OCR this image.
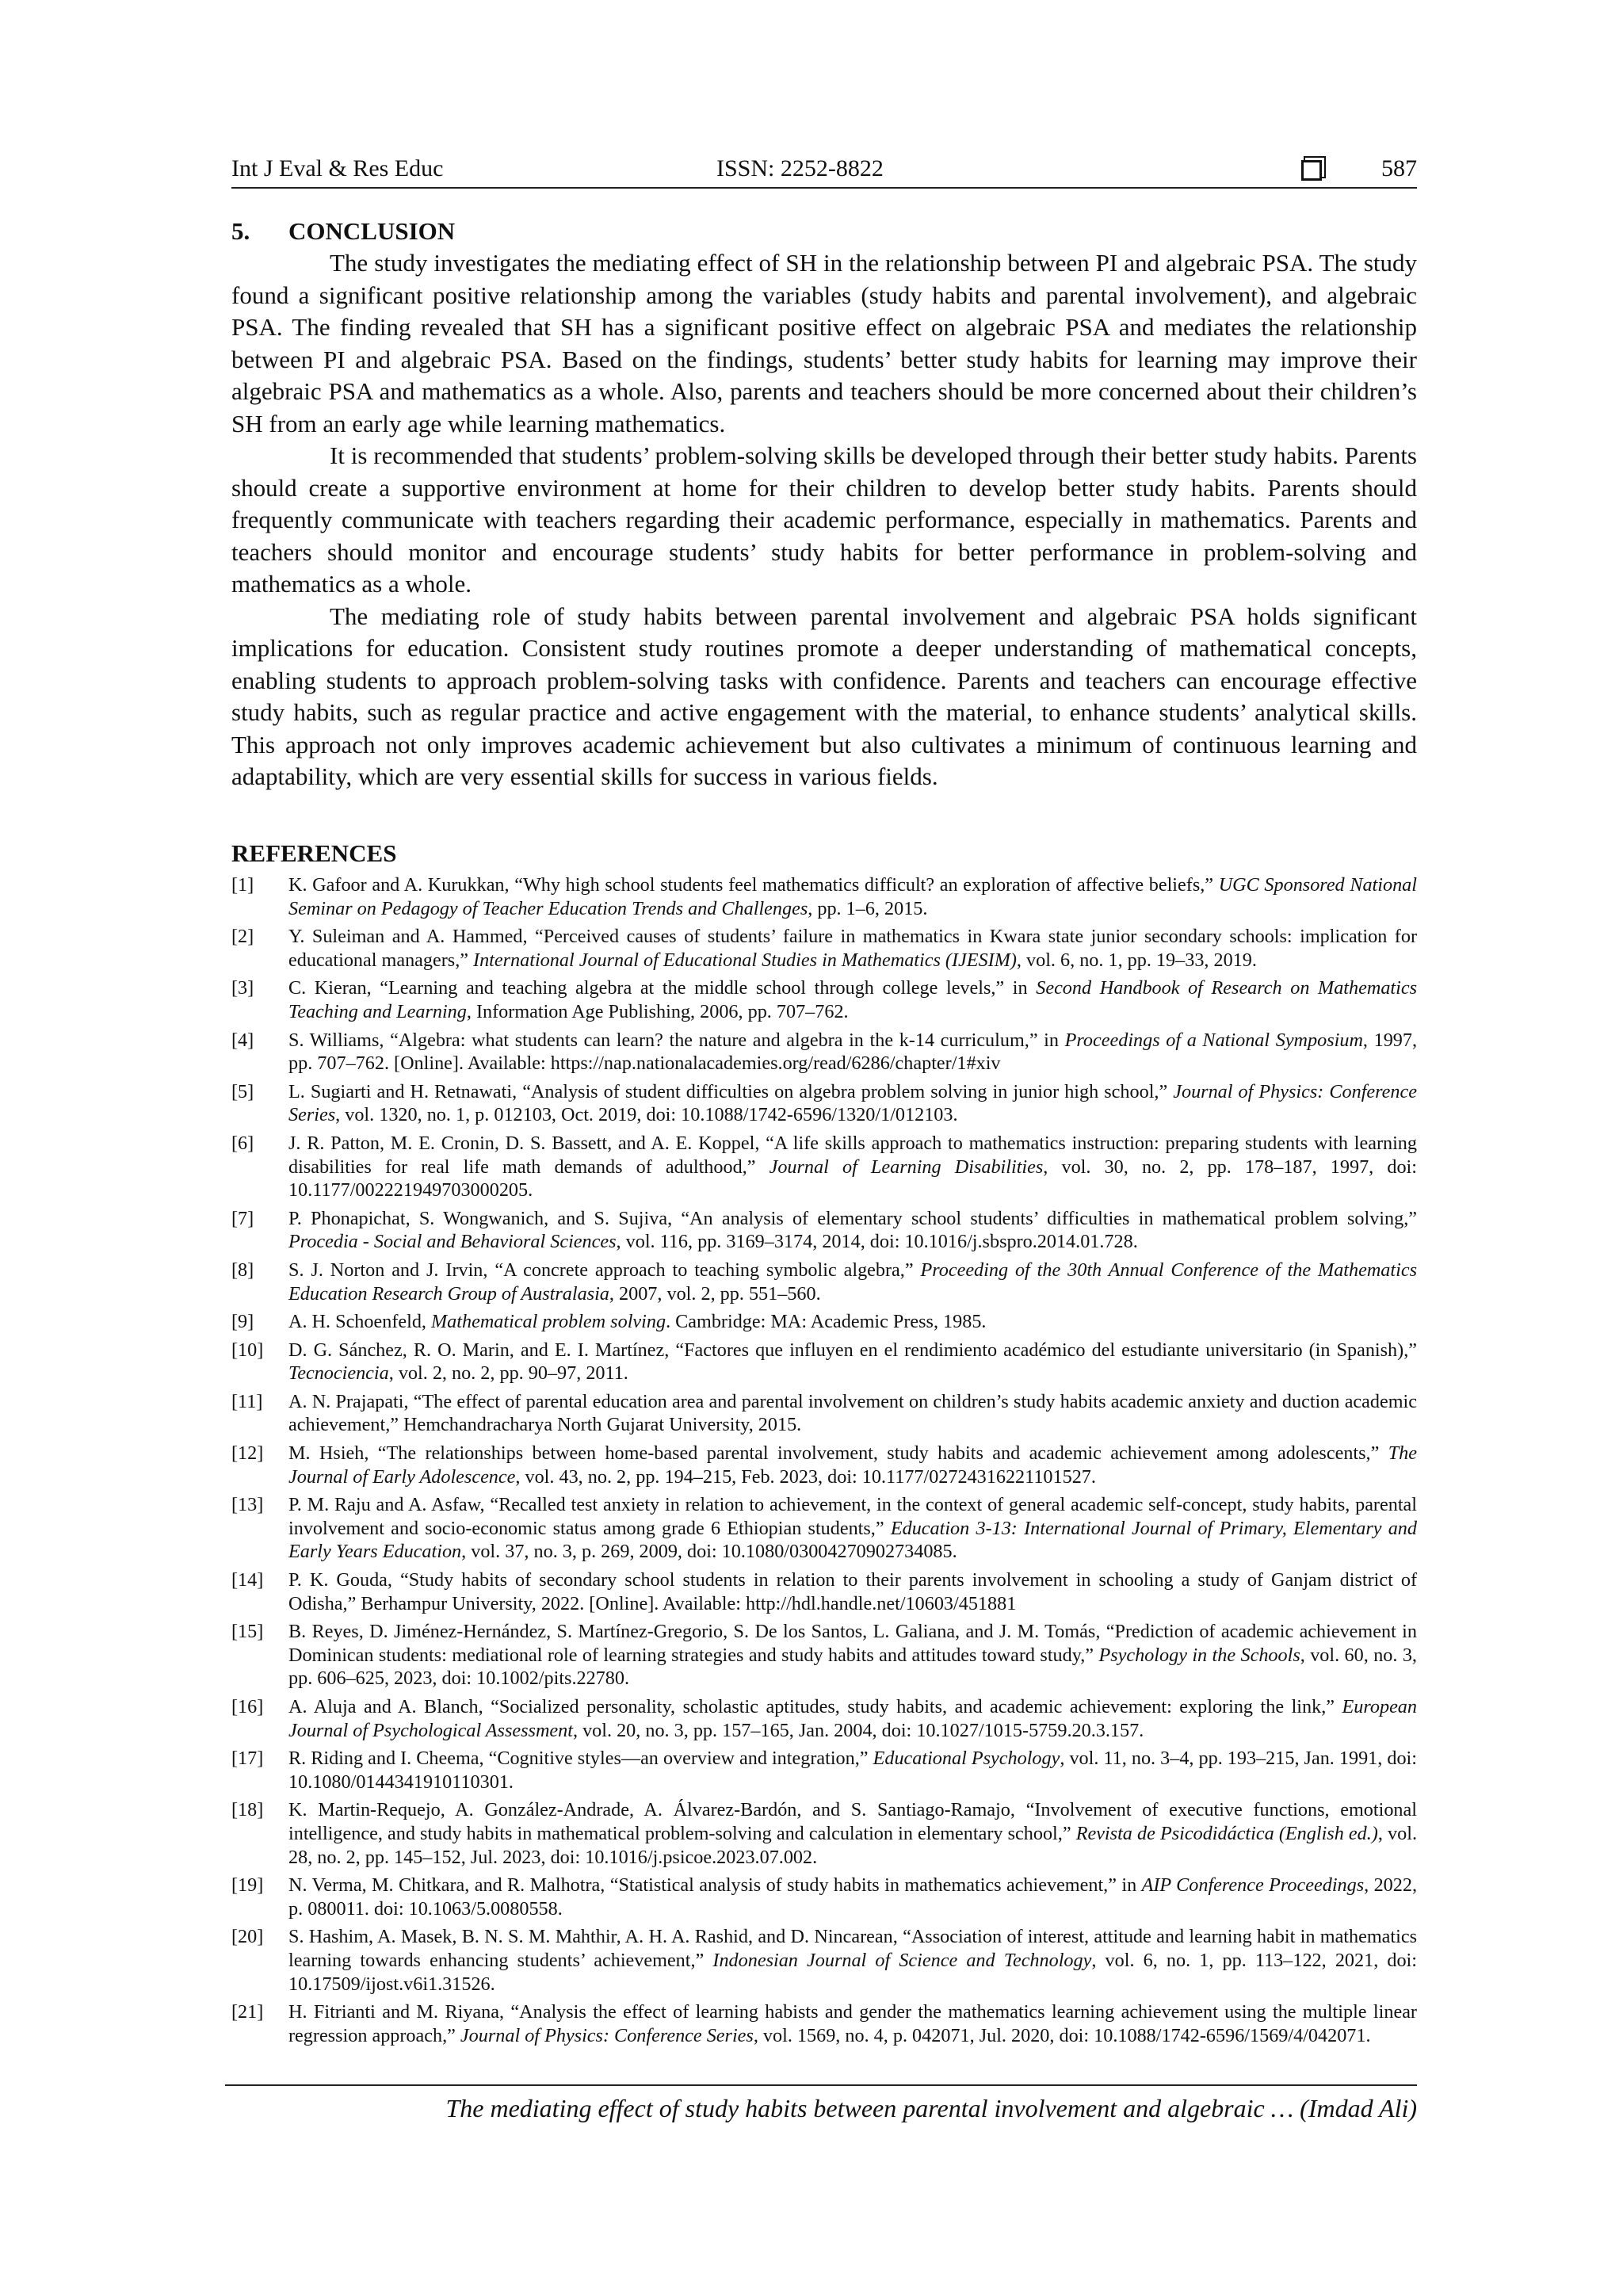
Int J Eval & Res Educ	ISSN: 2252-8822	587
5. CONCLUSION

The study investigates the mediating effect of SH in the relationship between PI and algebraic PSA. The study found a significant positive relationship among the variables (study habits and parental involvement), and algebraic PSA. The finding revealed that SH has a significant positive effect on algebraic PSA and mediates the relationship between PI and algebraic PSA. Based on the findings, students’ better study habits for learning may improve their algebraic PSA and mathematics as a whole. Also, parents and teachers should be more concerned about their children’s SH from an early age while learning mathematics.

It is recommended that students’ problem-solving skills be developed through their better study habits. Parents should create a supportive environment at home for their children to develop better study habits. Parents should frequently communicate with teachers regarding their academic performance, especially in mathematics. Parents and teachers should monitor and encourage students’ study habits for better performance in problem-solving and mathematics as a whole.

The mediating role of study habits between parental involvement and algebraic PSA holds significant implications for education. Consistent study routines promote a deeper understanding of mathematical concepts, enabling students to approach problem-solving tasks with confidence. Parents and teachers can encourage effective study habits, such as regular practice and active engagement with the material, to enhance students’ analytical skills. This approach not only improves academic achievement but also cultivates a minimum of continuous learning and adaptability, which are very essential skills for success in various fields.

REFERENCES

[1] K. Gafoor and A. Kurukkan, “Why high school students feel mathematics difficult? an exploration of affective beliefs,” UGC Sponsored National Seminar on Pedagogy of Teacher Education Trends and Challenges, pp. 1–6, 2015.

[2] Y. Suleiman and A. Hammed, “Perceived causes of students’ failure in mathematics in Kwara state junior secondary schools: implication for educational managers,” International Journal of Educational Studies in Mathematics (IJESIM), vol. 6, no. 1, pp. 19–33, 2019.

[3] C. Kieran, “Learning and teaching algebra at the middle school through college levels,” in Second Handbook of Research on Mathematics Teaching and Learning, Information Age Publishing, 2006, pp. 707–762.

[4] S. Williams, “Algebra: what students can learn? the nature and algebra in the k-14 curriculum,” in Proceedings of a National Symposium, 1997, pp. 707–762. [Online]. Available: https://nap.nationalacademies.org/read/6286/chapter/1#xiv

[5] L. Sugiarti and H. Retnawati, “Analysis of student difficulties on algebra problem solving in junior high school,” Journal of Physics: Conference Series, vol. 1320, no. 1, p. 012103, Oct. 2019, doi: 10.1088/1742-6596/1320/1/012103.

[6] J. R. Patton, M. E. Cronin, D. S. Bassett, and A. E. Koppel, “A life skills approach to mathematics instruction: preparing students with learning disabilities for real life math demands of adulthood,” Journal of Learning Disabilities, vol. 30, no. 2, pp. 178–187, 1997, doi: 10.1177/002221949703000205.

[7] P. Phonapichat, S. Wongwanich, and S. Sujiva, “An analysis of elementary school students’ difficulties in mathematical problem solving,” Procedia - Social and Behavioral Sciences, vol. 116, pp. 3169–3174, 2014, doi: 10.1016/j.sbspro.2014.01.728.

[8] S. J. Norton and J. Irvin, “A concrete approach to teaching symbolic algebra,” Proceeding of the 30th Annual Conference of the Mathematics Education Research Group of Australasia, 2007, vol. 2, pp. 551–560.

[9] A. H. Schoenfeld, Mathematical problem solving. Cambridge: MA: Academic Press, 1985.

[10] D. G. Sánchez, R. O. Marin, and E. I. Martínez, “Factores que influyen en el rendimiento académico del estudiante universitario (in Spanish),” Tecnociencia, vol. 2, no. 2, pp. 90–97, 2011.

[11] A. N. Prajapati, “The effect of parental education area and parental involvement on children’s study habits academic anxiety and duction academic achievement,” Hemchandracharya North Gujarat University, 2015.

[12] M. Hsieh, “The relationships between home-based parental involvement, study habits and academic achievement among adolescents,” The Journal of Early Adolescence, vol. 43, no. 2, pp. 194–215, Feb. 2023, doi: 10.1177/02724316221101527.

[13] P. M. Raju and A. Asfaw, “Recalled test anxiety in relation to achievement, in the context of general academic self-concept, study habits, parental involvement and socio-economic status among grade 6 Ethiopian students,” Education 3-13: International Journal of Primary, Elementary and Early Years Education, vol. 37, no. 3, p. 269, 2009, doi: 10.1080/03004270902734085.

[14] P. K. Gouda, “Study habits of secondary school students in relation to their parents involvement in schooling a study of Ganjam district of Odisha,” Berhampur University, 2022. [Online]. Available: http://hdl.handle.net/10603/451881

[15] B. Reyes, D. Jiménez-Hernández, S. Martínez-Gregorio, S. De los Santos, L. Galiana, and J. M. Tomás, “Prediction of academic achievement in Dominican students: mediational role of learning strategies and study habits and attitudes toward study,” Psychology in the Schools, vol. 60, no. 3, pp. 606–625, 2023, doi: 10.1002/pits.22780.

[16] A. Aluja and A. Blanch, “Socialized personality, scholastic aptitudes, study habits, and academic achievement: exploring the link,” European Journal of Psychological Assessment, vol. 20, no. 3, pp. 157–165, Jan. 2004, doi: 10.1027/1015-5759.20.3.157.

[17] R. Riding and I. Cheema, “Cognitive styles—an overview and integration,” Educational Psychology, vol. 11, no. 3–4, pp. 193–215, Jan. 1991, doi: 10.1080/0144341910110301.

[18] K. Martin-Requejo, A. González-Andrade, A. Álvarez-Bardón, and S. Santiago-Ramajo, “Involvement of executive functions, emotional intelligence, and study habits in mathematical problem-solving and calculation in elementary school,” Revista de Psicodidáctica (English ed.), vol. 28, no. 2, pp. 145–152, Jul. 2023, doi: 10.1016/j.psicoe.2023.07.002.

[19] N. Verma, M. Chitkara, and R. Malhotra, “Statistical analysis of study habits in mathematics achievement,” in AIP Conference Proceedings, 2022, p. 080011. doi: 10.1063/5.0080558.

[20] S. Hashim, A. Masek, B. N. S. M. Mahthir, A. H. A. Rashid, and D. Nincarean, “Association of interest, attitude and learning habit in mathematics learning towards enhancing students’ achievement,” Indonesian Journal of Science and Technology, vol. 6, no. 1, pp. 113–122, 2021, doi: 10.17509/ijost.v6i1.31526.

[21] H. Fitrianti and M. Riyana, “Analysis the effect of learning habists and gender the mathematics learning achievement using the multiple linear regression approach,” Journal of Physics: Conference Series, vol. 1569, no. 4, p. 042071, Jul. 2020, doi: 10.1088/1742-6596/1569/4/042071.

The mediating effect of study habits between parental involvement and algebraic … (Imdad Ali)
